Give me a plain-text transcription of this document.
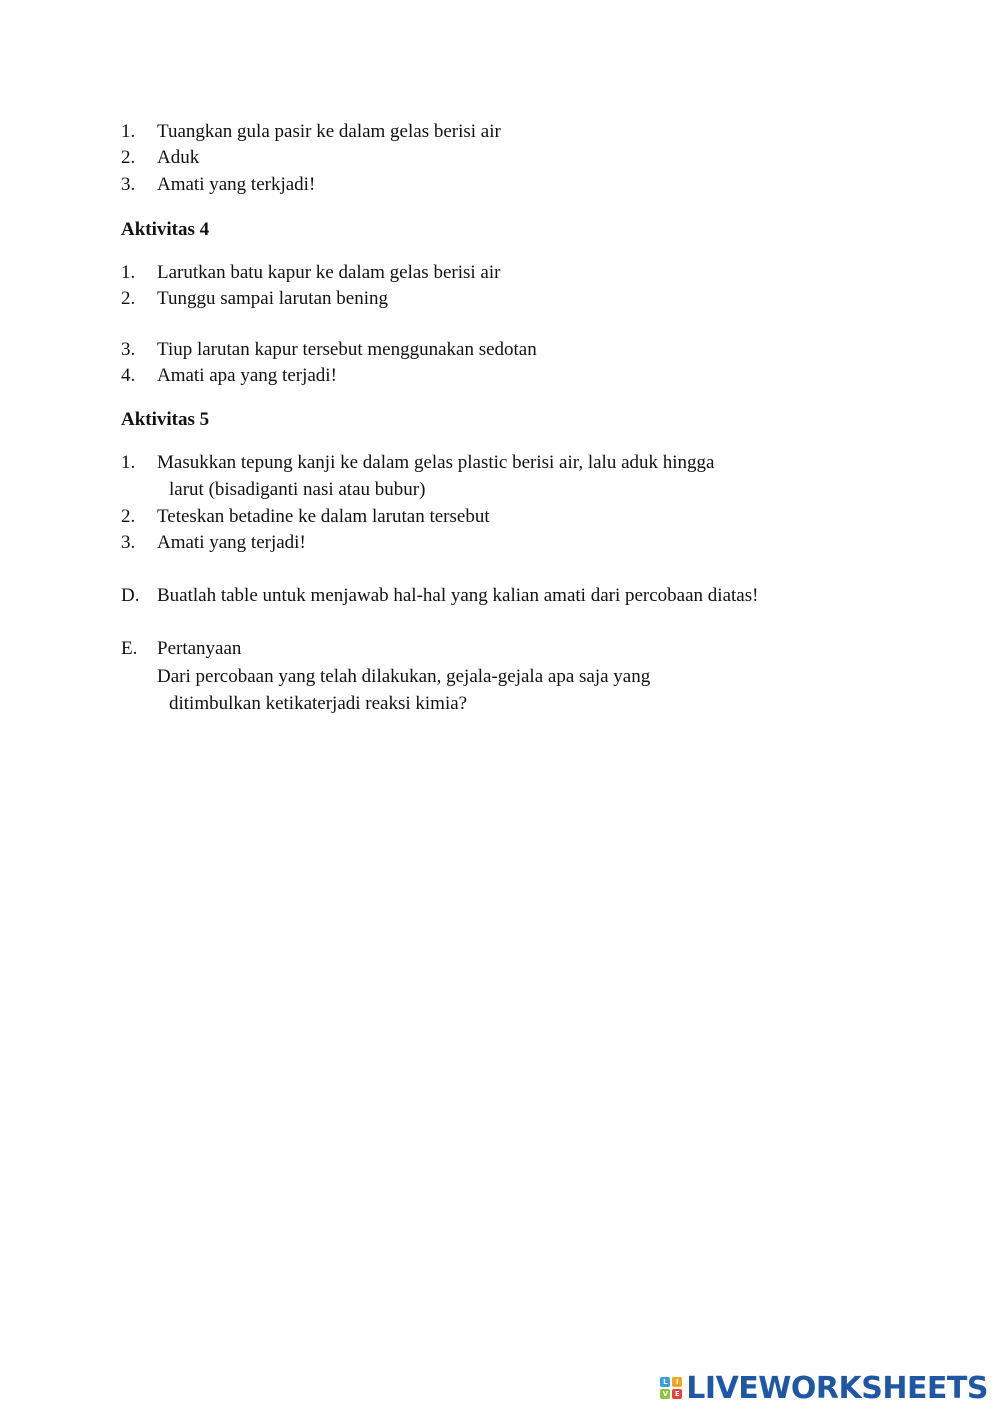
1. Tuangkan gula pasir ke dalam gelas berisi air
2. Aduk
3. Amati yang terkjadi!
Aktivitas 4
1. Larutkan batu kapur ke dalam gelas berisi air
2. Tunggu sampai larutan bening
3. Tiup larutan kapur tersebut menggunakan sedotan
4. Amati apa yang terjadi!
Aktivitas 5
1. Masukkan tepung kanji ke dalam gelas plastic berisi air, lalu aduk hingga
larut (bisadiganti nasi atau bubur)
2. Teteskan betadine ke dalam larutan tersebut
3. Amati yang terjadi!
D. Buatlah table untuk menjawab hal-hal yang kalian amati dari percobaan diatas!
E. Pertanyaan
Dari percobaan yang telah dilakukan, gejala-gejala apa saja yang
ditimbulkan ketikaterjadi reaksi kimia?
L	I
V E LIVEWORKSHEETS
